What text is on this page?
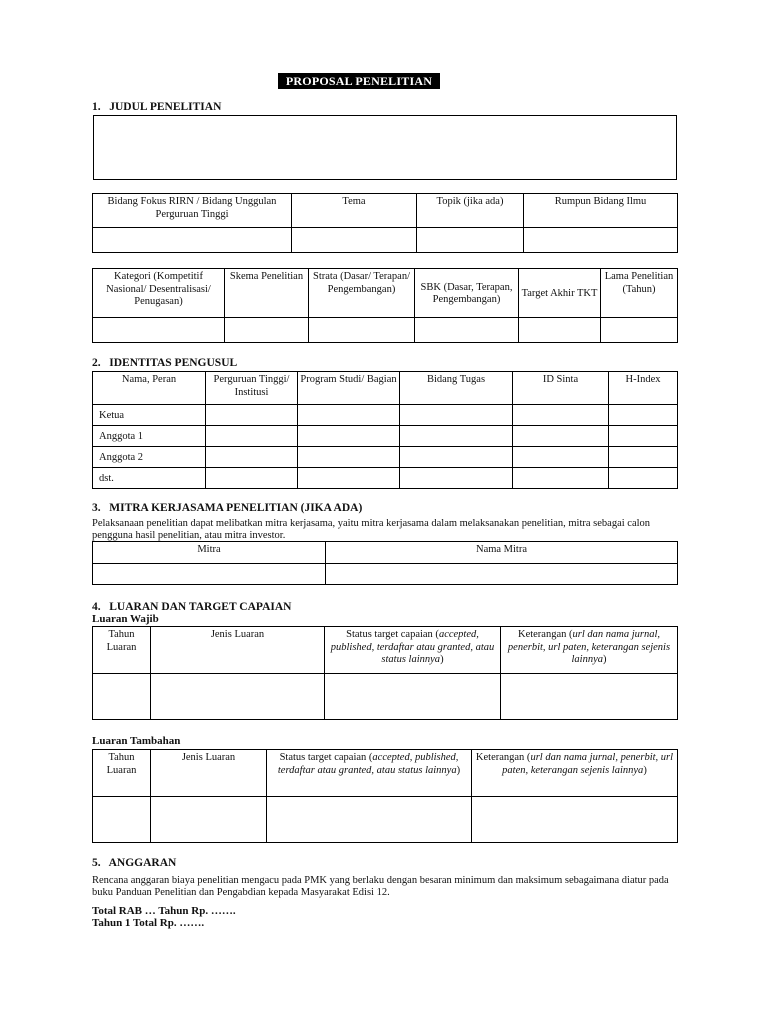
PROPOSAL PENELITIAN
1.   JUDUL PENELITIAN
Bidang Fokus RIRN / Bidang Unggulan Perguruan Tinggi	Tema	Topik (jika ada)	Rumpun Bidang Ilmu

Kategori (Kompetitif Nasional/ Desentralisasi/ Penugasan)	Skema Penelitian	Strata (Dasar/ Terapan/ Pengembangan)	SBK (Dasar, Terapan, Pengembangan)	Target Akhir TKT	Lama Penelitian (Tahun)

2.   IDENTITAS PENGUSUL
Nama, Peran	Perguruan Tinggi/ Institusi	Program Studi/ Bagian	Bidang Tugas	ID Sinta	H-Index
Ketua					
Anggota 1					
Anggota 2					
dst.					
3.   MITRA KERJASAMA PENELITIAN (JIKA ADA)
Pelaksanaan penelitian dapat melibatkan mitra kerjasama, yaitu mitra kerjasama dalam melaksanakan penelitian, mitra sebagai calon pengguna hasil penelitian, atau mitra investor.
Mitra	Nama Mitra

4.   LUARAN DAN TARGET CAPAIAN
Luaran Wajib
Tahun Luaran	Jenis Luaran	Status target capaian (accepted, published, terdaftar atau granted, atau status lainnya)	Keterangan (url dan nama jurnal, penerbit, url paten, keterangan sejenis lainnya)

Luaran Tambahan
Tahun Luaran	Jenis Luaran	Status target capaian (accepted, published, terdaftar atau granted, atau status lainnya)	Keterangan (url dan nama jurnal, penerbit, url paten, keterangan sejenis lainnya)

5.   ANGGARAN
Rencana anggaran biaya penelitian mengacu pada PMK yang berlaku dengan besaran minimum dan maksimum sebagaimana diatur pada buku Panduan Penelitian dan Pengabdian kepada Masyarakat Edisi 12.
Total RAB … Tahun Rp. …….
Tahun 1 Total Rp. …….
